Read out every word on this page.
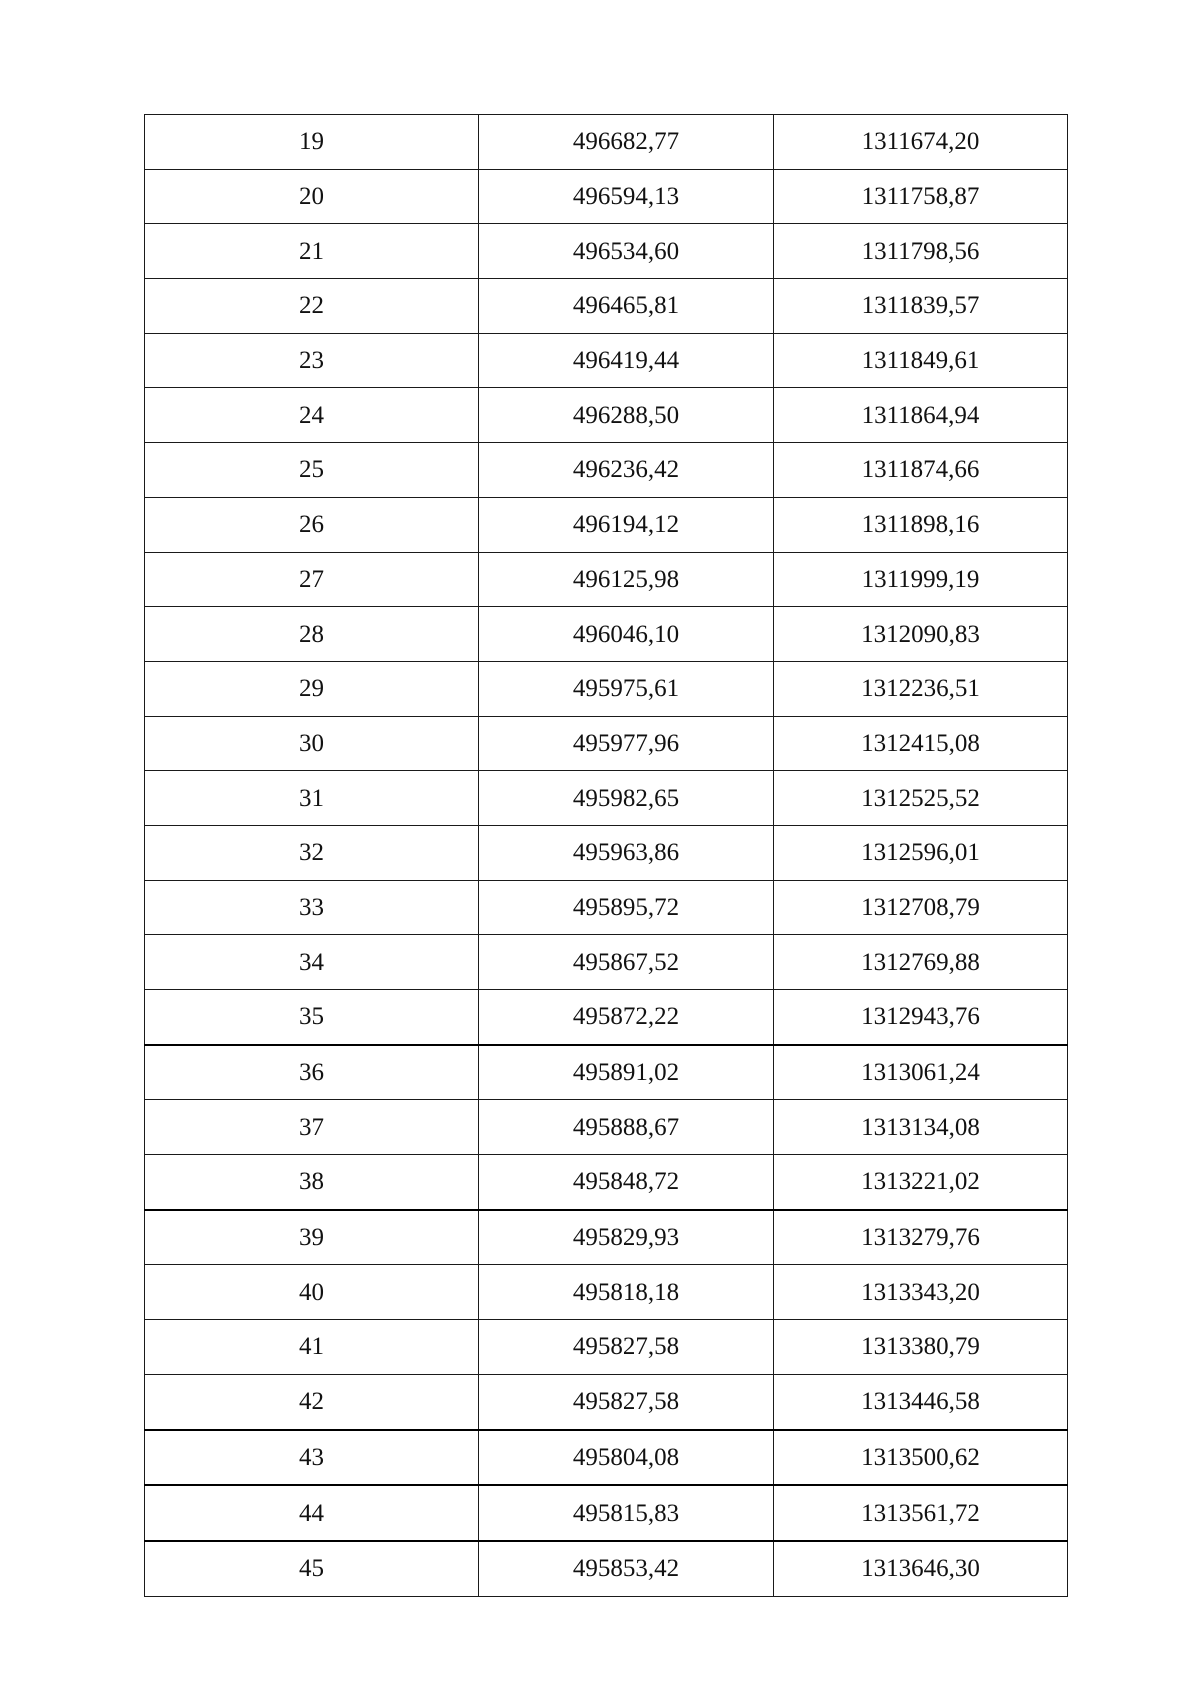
19	496682,77	1311674,20
20	496594,13	1311758,87
21	496534,60	1311798,56
22	496465,81	1311839,57
23	496419,44	1311849,61
24	496288,50	1311864,94
25	496236,42	1311874,66
26	496194,12	1311898,16
27	496125,98	1311999,19
28	496046,10	1312090,83
29	495975,61	1312236,51
30	495977,96	1312415,08
31	495982,65	1312525,52
32	495963,86	1312596,01
33	495895,72	1312708,79
34	495867,52	1312769,88
35	495872,22	1312943,76
36	495891,02	1313061,24
37	495888,67	1313134,08
38	495848,72	1313221,02
39	495829,93	1313279,76
40	495818,18	1313343,20
41	495827,58	1313380,79
42	495827,58	1313446,58
43	495804,08	1313500,62
44	495815,83	1313561,72
45	495853,42	1313646,30
